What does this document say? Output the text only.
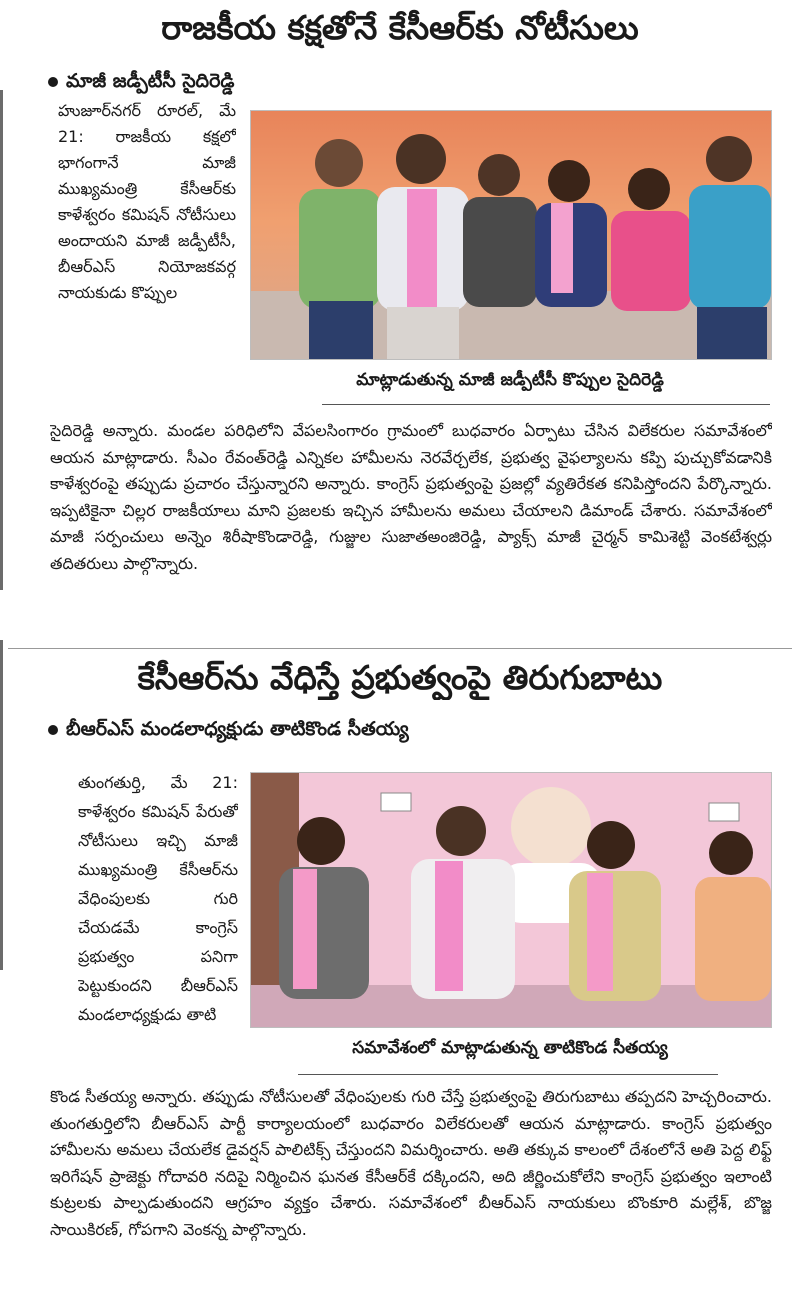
రాజకీయ కక్షతోనే కేసీఆర్‌కు నోటీసులు
మాజీ జడ్పీటీసీ సైదిరెడ్డి
హుజూర్‌నగర్ రూరల్, మే 21: రాజకీయ కక్షలో భాగంగానే మాజీ ముఖ్యమంత్రి కేసీఆర్‌కు కాళేశ్వరం కమిషన్ నోటీసులు అందాయని మాజీ జడ్పీటీసీ, బీఆర్‌ఎస్ నియోజకవర్గ నాయకుడు కొప్పుల
మాట్లాడుతున్న మాజీ జడ్పీటీసీ కొప్పుల సైదిరెడ్డి
సైదిరెడ్డి అన్నారు. మండల పరిధిలోని వేపలసింగారం గ్రామంలో బుధవారం ఏర్పాటు చేసిన విలేకరుల సమావేశంలో ఆయన మాట్లాడారు. సీఎం రేవంత్‌రెడ్డి ఎన్నికల హామీలను నెరవేర్చలేక, ప్రభుత్వ వైఫల్యాలను కప్పి పుచ్చుకోవడానికి కాళేశ్వరంపై తప్పుడు ప్రచారం చేస్తున్నారని అన్నారు. కాంగ్రెస్ ప్రభుత్వంపై ప్రజల్లో వ్యతిరేకత కనిపిస్తోందని పేర్కొన్నారు. ఇప్పటికైనా చిల్లర రాజకీయాలు మాని ప్రజలకు ఇచ్చిన హామీలను అమలు చేయాలని డిమాండ్ చేశారు. సమావేశంలో మాజీ సర్పంచులు అన్నెం శిరీషాకొండారెడ్డి, గుజ్జుల సుజాతఅంజిరెడ్డి, ప్యాక్స్ మాజీ చైర్మన్ కామిశెట్టి వెంకటేశ్వర్లు తదితరులు పాల్గొన్నారు.
కేసీఆర్‌ను వేధిస్తే ప్రభుత్వంపై తిరుగుబాటు
బీఆర్‌ఎస్ మండలాధ్యక్షుడు తాటికొండ సీతయ్య
తుంగతుర్తి, మే 21: కాళేశ్వరం కమిషన్ పేరుతో నోటీసులు ఇచ్చి మాజీ ముఖ్యమంత్రి కేసీఆర్‌ను వేధింపులకు గురి చేయడమే కాంగ్రెస్ ప్రభుత్వం పనిగా పెట్టుకుందని బీఆర్‌ఎస్ మండలాధ్యక్షుడు తాటి
సమావేశంలో మాట్లాడుతున్న తాటికొండ సీతయ్య
కొండ సీతయ్య అన్నారు. తప్పుడు నోటీసులతో వేధింపులకు గురి చేస్తే ప్రభుత్వంపై తిరుగుబాటు తప్పదని హెచ్చరించారు. తుంగతుర్తిలోని బీఆర్‌ఎస్ పార్టీ కార్యాలయంలో బుధవారం విలేకరులతో ఆయన మాట్లాడారు. కాంగ్రెస్ ప్రభుత్వం హామీలను అమలు చేయలేక డైవర్షన్ పాలిటిక్స్ చేస్తుందని విమర్శించారు. అతి తక్కువ కాలంలో దేశంలోనే అతి పెద్ద లిఫ్ట్ ఇరిగేషన్ ప్రాజెక్టు గోదావరి నదిపై నిర్మించిన ఘనత కేసీఆర్‌కే దక్కిందని, అది జీర్ణించుకోలేని కాంగ్రెస్ ప్రభుత్వం ఇలాంటి కుట్రలకు పాల్పడుతుందని ఆగ్రహం వ్యక్తం చేశారు. సమావేశంలో బీఆర్‌ఎస్ నాయకులు బొంకూరి మల్లేశ్, బొజ్జ సాయికిరణ్, గోపగాని వెంకన్న పాల్గొన్నారు.
